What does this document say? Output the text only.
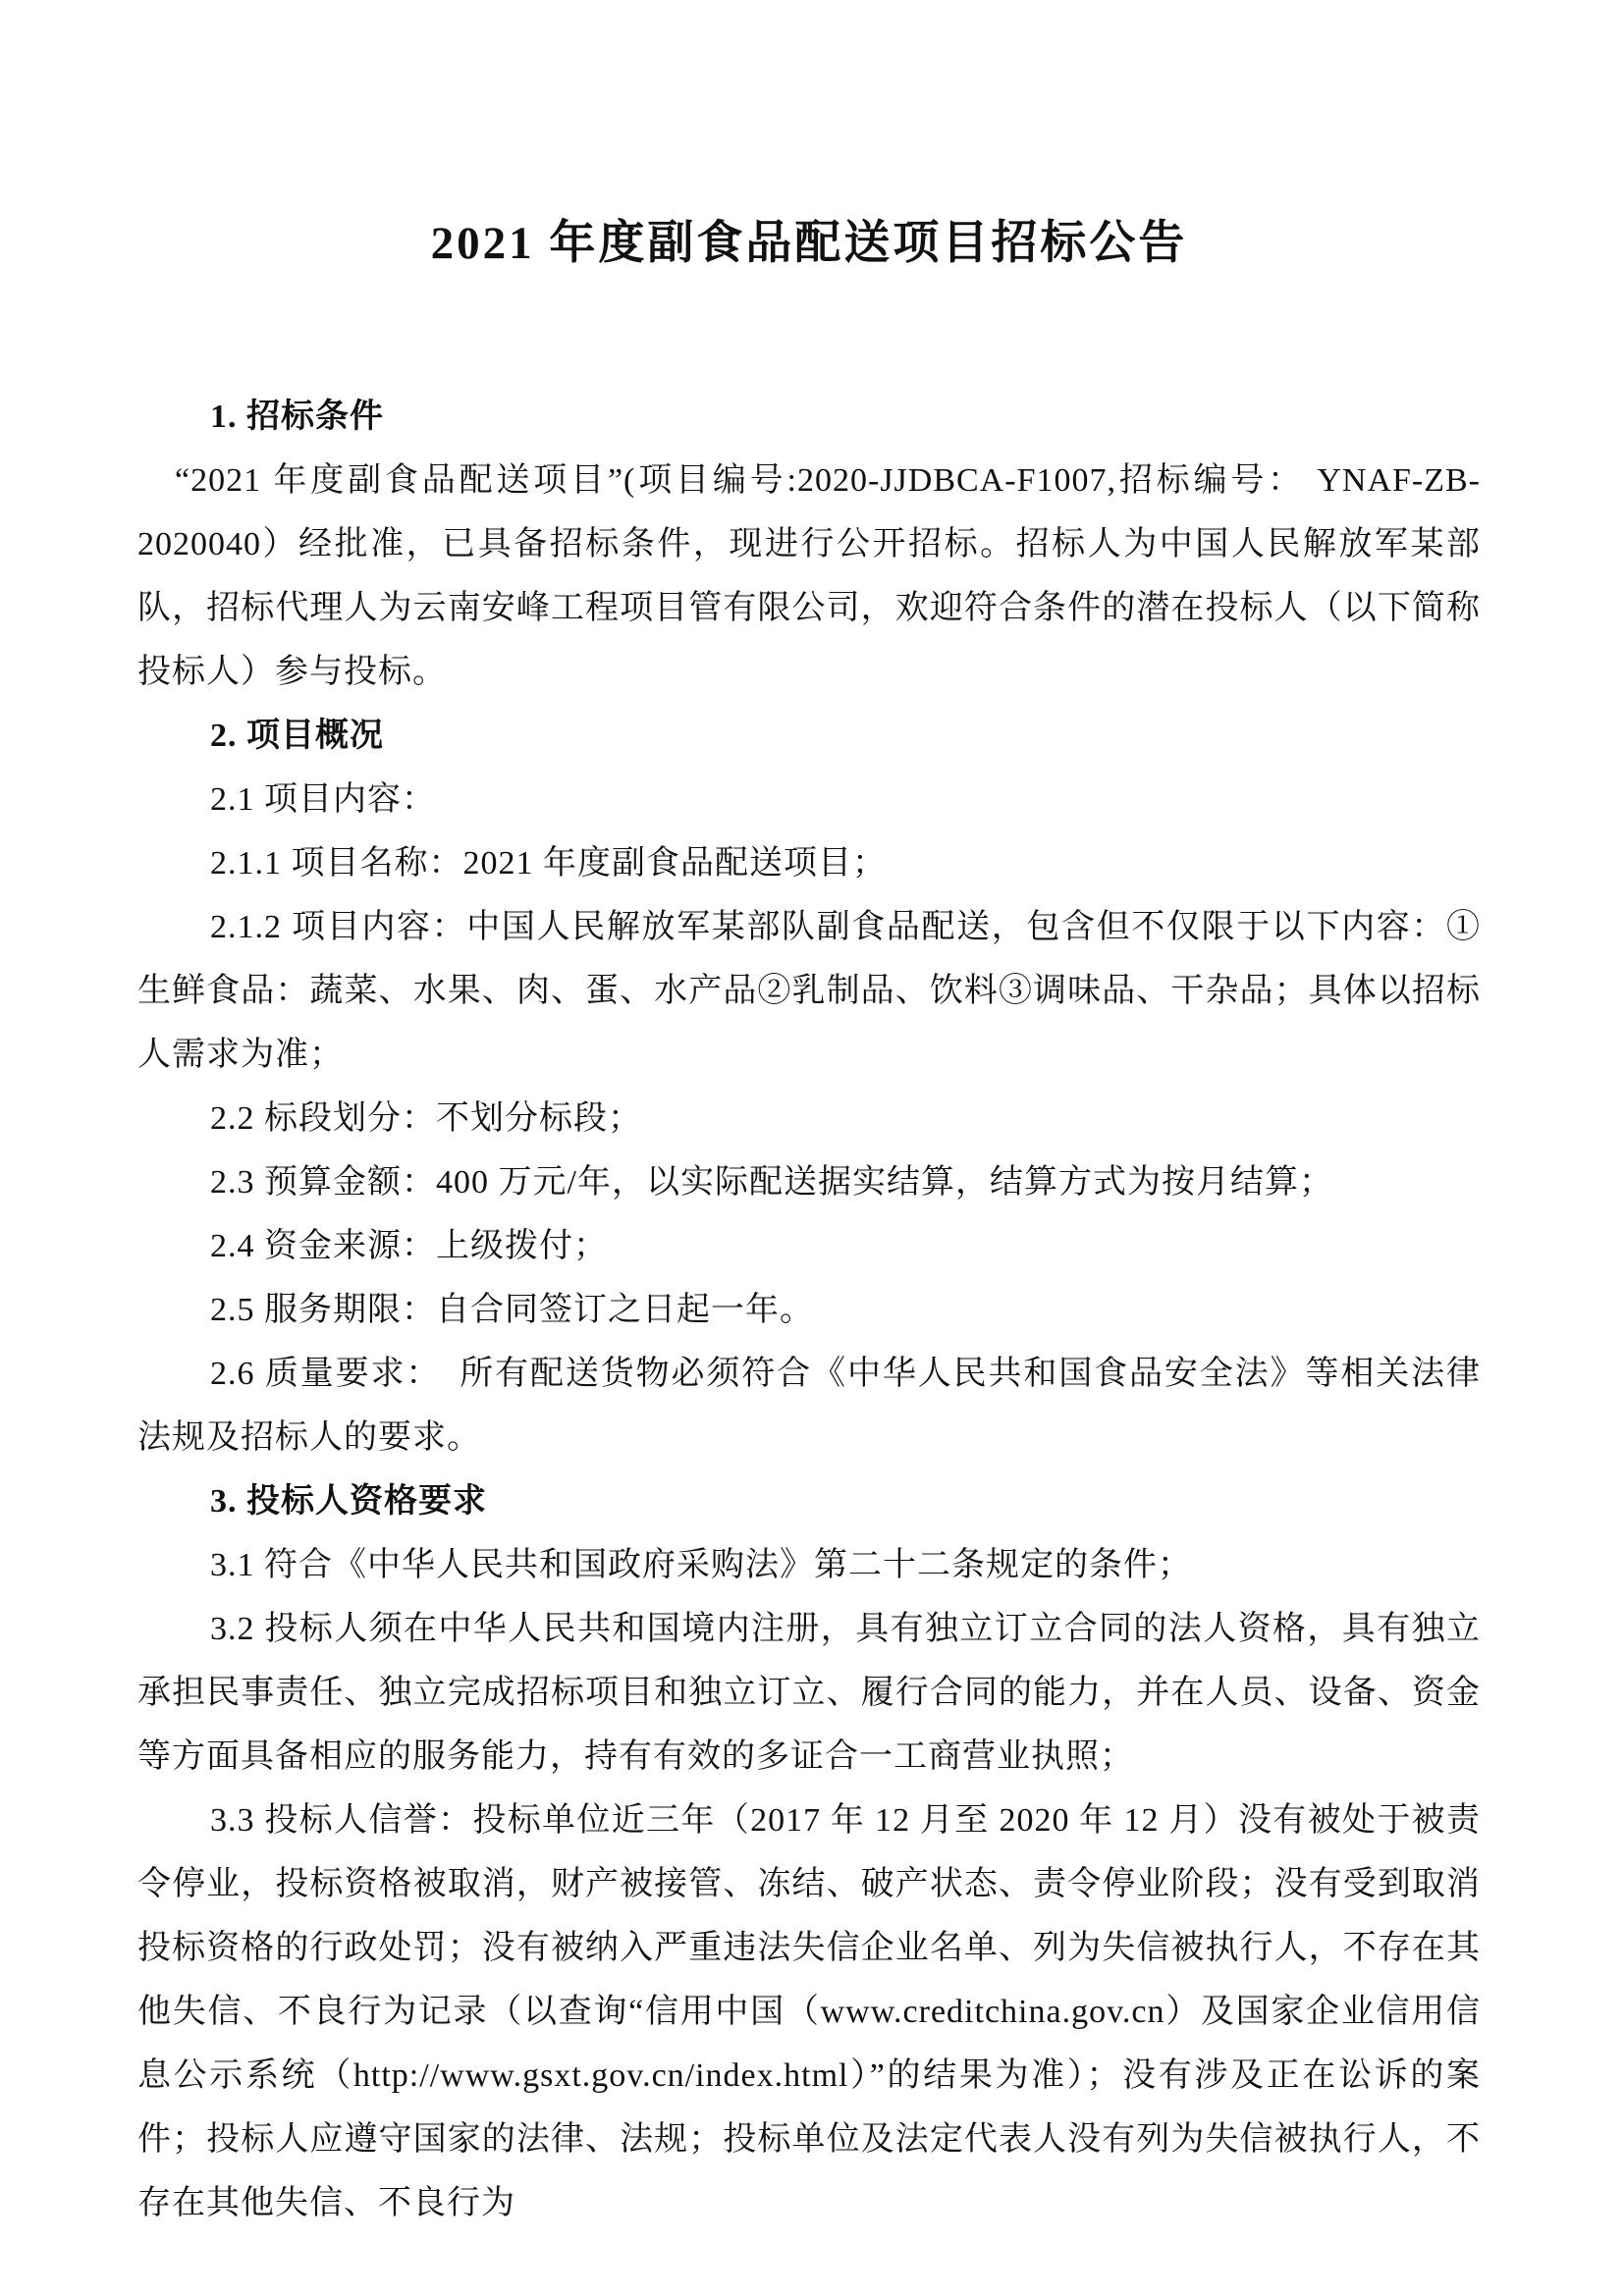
2021 年度副食品配送项目招标公告

1. 招标条件

“2021 年度副食品配送项目”(项目编号:2020-JJDBCA-F1007,招标编号： YNAF-ZB-2020040）经批准，已具备招标条件，现进行公开招标。招标人为中国人民解放军某部队，招标代理人为云南安峰工程项目管有限公司，欢迎符合条件的潜在投标人（以下简称投标人）参与投标。

2. 项目概况

2.1 项目内容：

2.1.1 项目名称：2021 年度副食品配送项目；

2.1.2 项目内容：中国人民解放军某部队副食品配送，包含但不仅限于以下内容：①生鲜食品：蔬菜、水果、肉、蛋、水产品②乳制品、饮料③调味品、干杂品；具体以招标人需求为准；

2.2 标段划分：不划分标段；

2.3 预算金额：400 万元/年，以实际配送据实结算，结算方式为按月结算；

2.4 资金来源：上级拨付；

2.5 服务期限：自合同签订之日起一年。

2.6 质量要求：　所有配送货物必须符合《中华人民共和国食品安全法》等相关法律法规及招标人的要求。

3. 投标人资格要求

3.1 符合《中华人民共和国政府采购法》第二十二条规定的条件；

3.2 投标人须在中华人民共和国境内注册，具有独立订立合同的法人资格，具有独立承担民事责任、独立完成招标项目和独立订立、履行合同的能力，并在人员、设备、资金等方面具备相应的服务能力，持有有效的多证合一工商营业执照；

3.3 投标人信誉：投标单位近三年（2017 年 12 月至 2020 年 12 月）没有被处于被责令停业，投标资格被取消，财产被接管、冻结、破产状态、责令停业阶段；没有受到取消投标资格的行政处罚；没有被纳入严重违法失信企业名单、列为失信被执行人，不存在其他失信、不良行为记录（以查询“信用中国（www.creditchina.gov.cn）及国家企业信用信息公示系统（http://www.gsxt.gov.cn/index.html）”的结果为准）；没有涉及正在讼诉的案件；投标人应遵守国家的法律、法规；投标单位及法定代表人没有列为失信被执行人，不存在其他失信、不良行为
